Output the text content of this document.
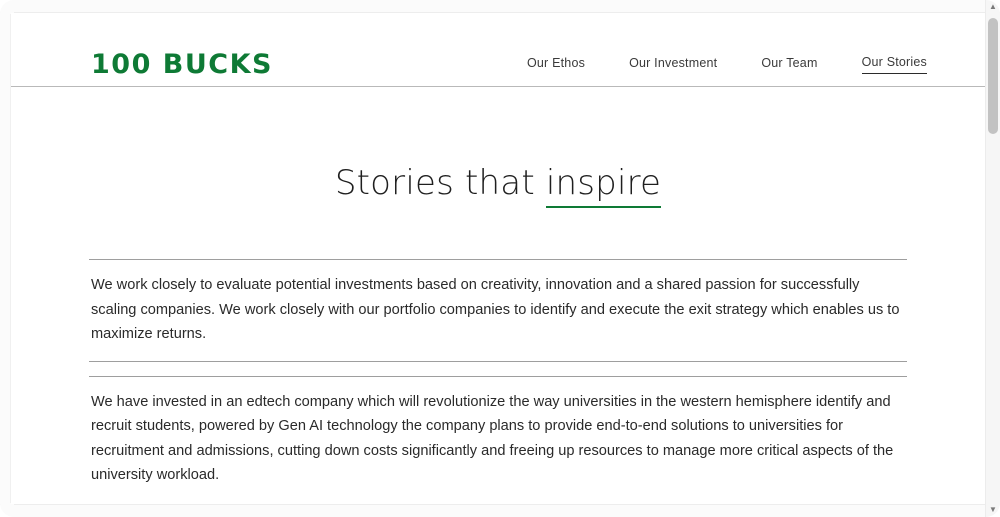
100 BUCKS	Our Ethos	Our Investment	Our Team	Our Stories
Stories that inspire
We work closely to evaluate potential investments based on creativity, innovation and a shared passion for successfully scaling companies. We work closely with our portfolio companies to identify and execute the exit strategy which enables us to maximize returns.
We have invested in an edtech company which will revolutionize the way universities in the western hemisphere identify and recruit students, powered by Gen AI technology the company plans to provide end-to-end solutions to universities for recruitment and admissions, cutting down costs significantly and freeing up resources to manage more critical aspects of the university workload.
▲
▼
